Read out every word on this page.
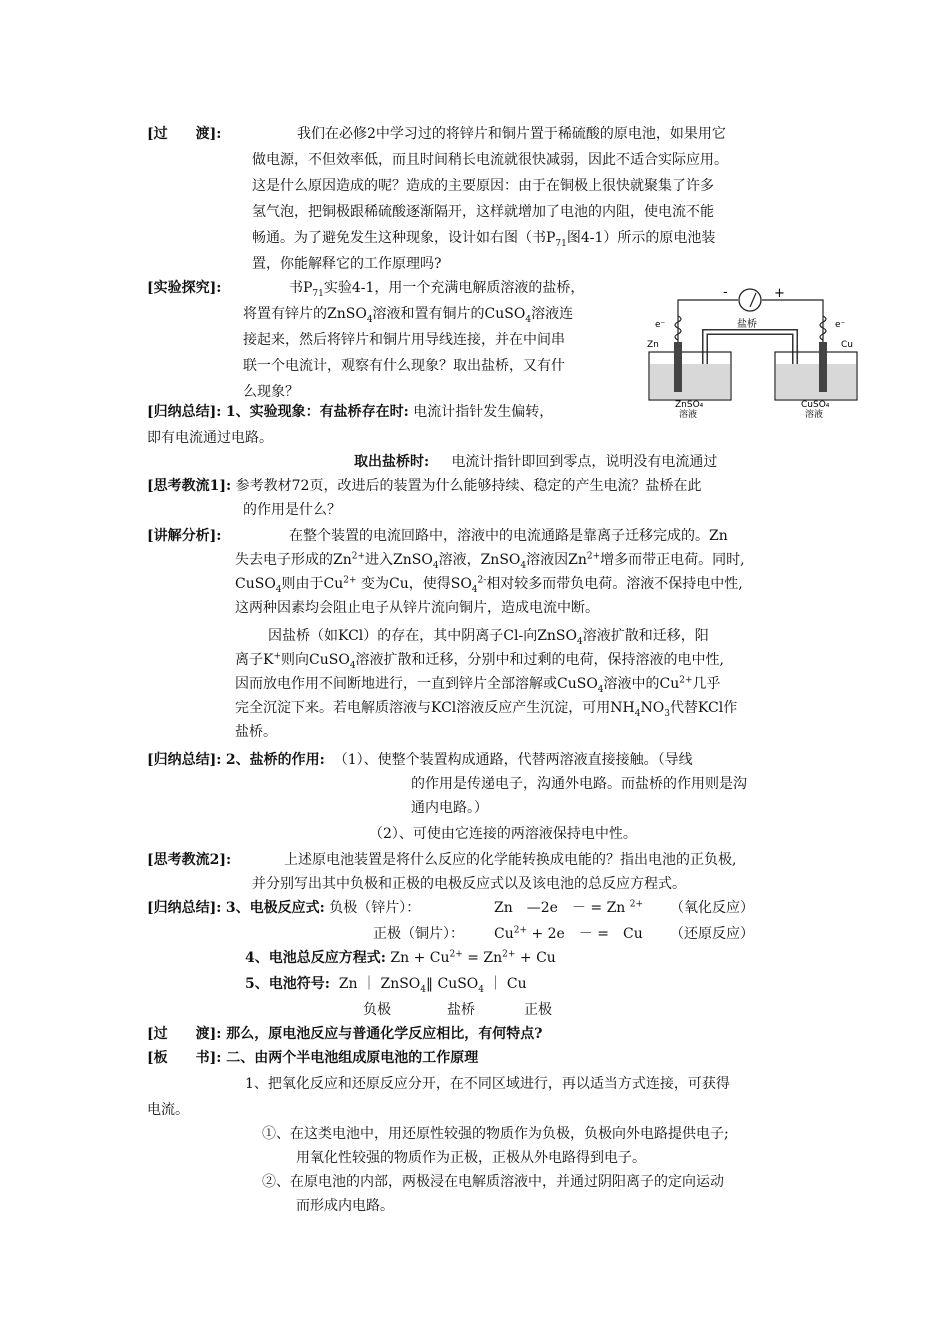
[过　　渡]:	我们在必修2中学习过的将锌片和铜片置于稀硫酸的原电池，如果用它
做电源，不但效率低，而且时间稍长电流就很快减弱，因此不适合实际应用。
这是什么原因造成的呢？造成的主要原因：由于在铜极上很快就聚集了许多
氢气泡，把铜极跟稀硫酸逐渐隔开，这样就增加了电池的内阻，使电流不能
畅通。为了避免发生这种现象，设计如右图（书$P_{71}$图4-1）所示的原电池装
置，你能解释它的工作原理吗?
[实验探究]:	书$P_{71}$实验4-1，用一个充满电解质溶液的盐桥，
将置有锌片的ZnSO$_4$溶液和置有铜片的CuSO$_4$溶液连
接起来，然后将锌片和铜片用导线连接，并在中间串
联一个电流计，观察有什么现象？取出盐桥，又有什
么现象？
-	+
e⁻	e⁻
盐桥
Zn	Cu
ZnSO₄
溶液
CuSO₄
溶液
[归纳总结]: 1、实验现象：有盐桥存在时: 电流计指针发生偏转，
即有电流通过电路。
取出盐桥时: 电流计指针即回到零点，说明没有电流通过
[思考教流1]: 参考教材72页，改进后的装置为什么能够持续、稳定的产生电流？盐桥在此
的作用是什么？
[讲解分析]:	在整个装置的电流回路中，溶液中的电流通路是靠离子迁移完成的。Zn
失去电子形成的$Zn^{2+}$进入ZnSO$_4$溶液，ZnSO$_4$溶液因$Zn^{2+}$增多而带正电荷。同时,
CuSO$_4$则由于$Cu^{2+}$ 变为Cu，使得$SO_4^{2-}$相对较多而带负电荷。溶液不保持电中性,
这两种因素均会阻止电子从锌片流向铜片，造成电流中断。
因盐桥（如KCl）的存在，其中阴离子Cl-向ZnSO$_4$溶液扩散和迁移，阳
离子K+则向CuSO$_4$溶液扩散和迁移，分别中和过剩的电荷，保持溶液的电中性,
因而放电作用不间断地进行，一直到锌片全部溶解或CuSO$_4$溶液中的$Cu^{2+}$几乎
完全沉淀下来。若电解质溶液与KCl溶液反应产生沉淀，可用$NH_4NO_3$代替KCl作
盐桥。
[归纳总结]: 2、盐桥的作用: （1）、使整个装置构成通路，代替两溶液直接接触。（导线
的作用是传递电子，沟通外电路。而盐桥的作用则是沟
通内电路。）
（2）、可使由它连接的两溶液保持电中性。
[思考教流2]:	上述原电池装置是将什么反应的化学能转换成电能的？指出电池的正负极,
并分别写出其中负极和正极的电极反应式以及该电池的总反应方程式。
[归纳总结]: 3、电极反应式: 负极（锌片）：	Zn　—2e　－ = Zn $^{2+}$ （氧化反应）
正极（铜片）： $Cu^{2+} + 2e$　－ =　Cu （还原反应）
4、电池总反应方程式: $Zn + Cu^{2+} = Zn^{2+} + Cu$
5、电池符号: Zn ｜ ZnSO$_4$‖ CuSO$_4$ ｜ Cu
负极	盐桥	正极
[过　　渡]: 那么，原电池反应与普通化学反应相比，有何特点?
[板　　书]: 二、由两个半电池组成原电池的工作原理
1、把氧化反应和还原反应分开，在不同区域进行，再以适当方式连接，可获得
电流。
①、在这类电池中，用还原性较强的物质作为负极，负极向外电路提供电子;
用氧化性较强的物质作为正极，正极从外电路得到电子。
②、在原电池的内部，两极浸在电解质溶液中，并通过阴阳离子的定向运动
而形成内电路。
